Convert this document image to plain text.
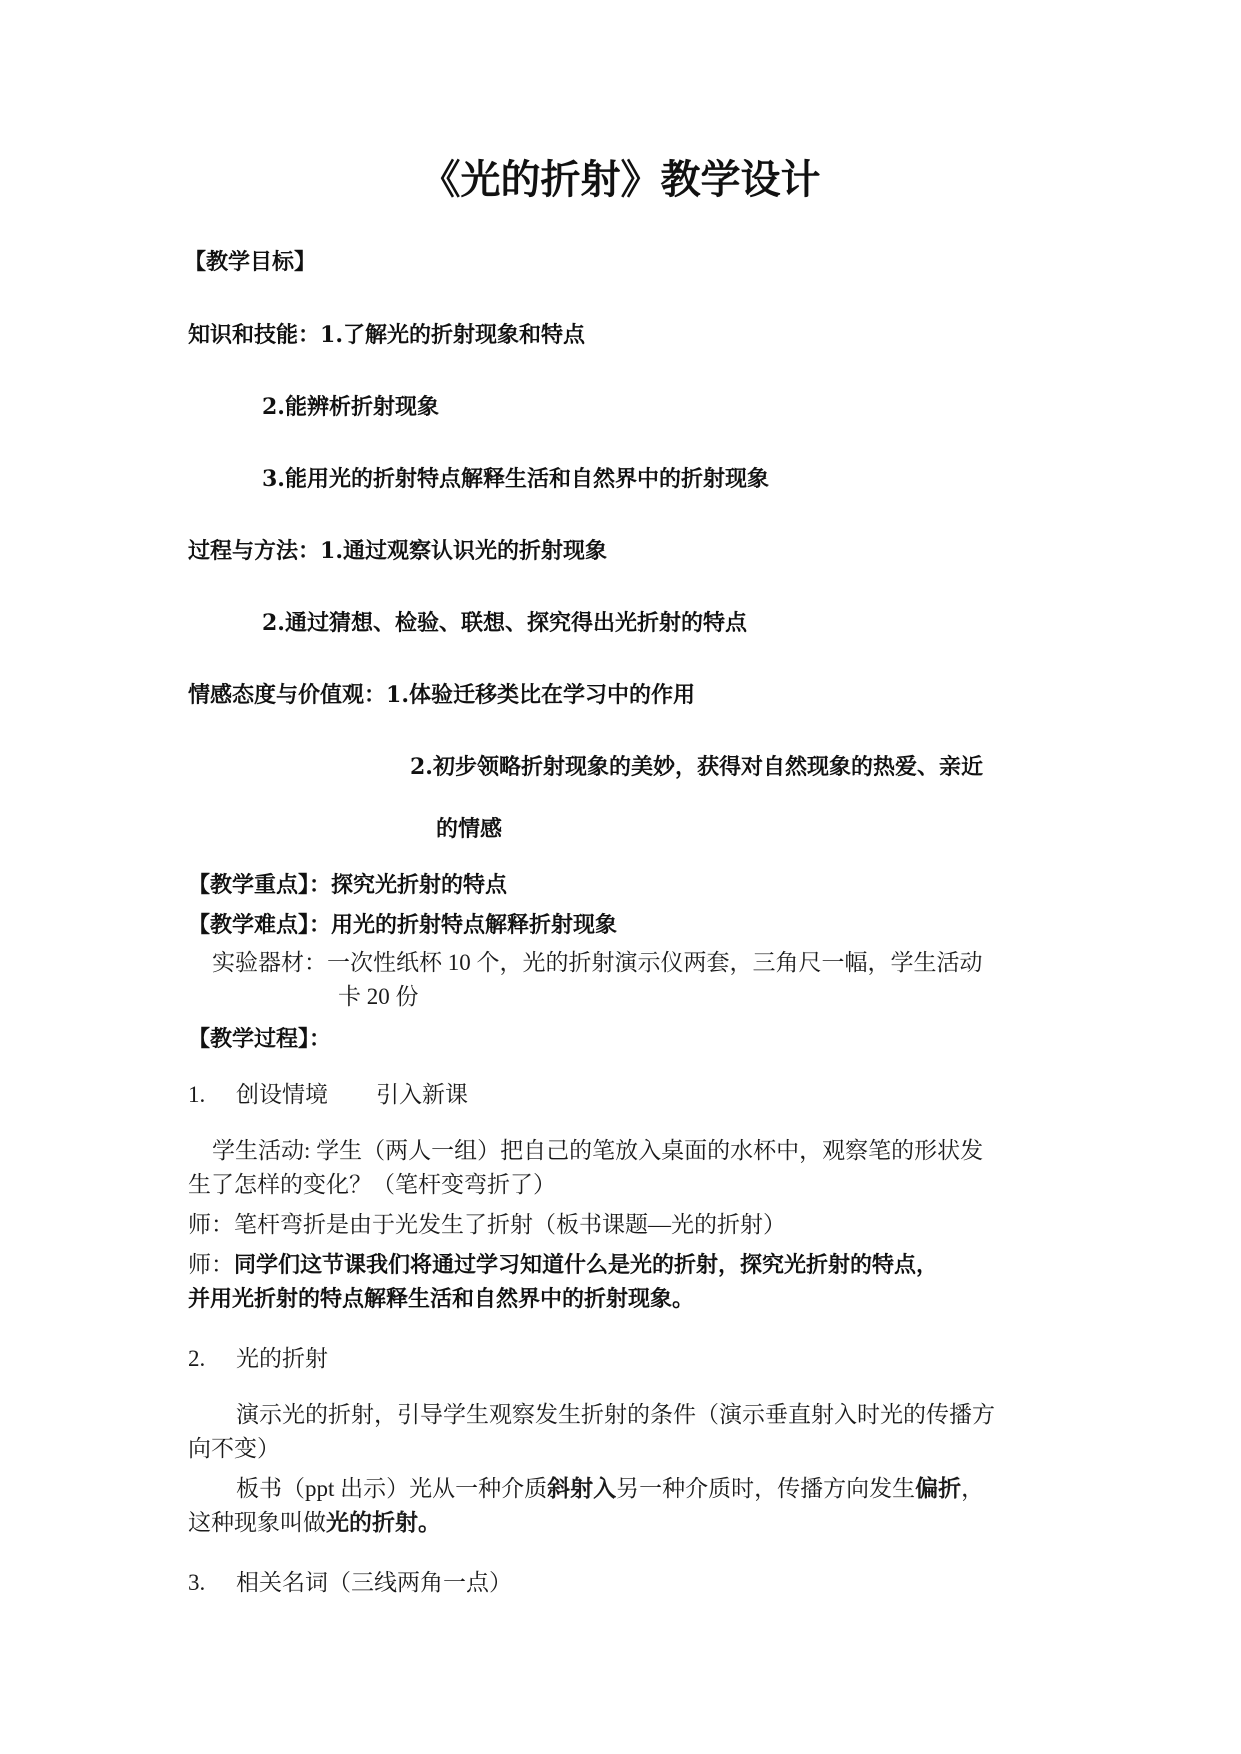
《光的折射》教学设计
【教学目标】
知识和技能：1.了解光的折射现象和特点
2.能辨析折射现象
3.能用光的折射特点解释生活和自然界中的折射现象
过程与方法：1.通过观察认识光的折射现象
2.通过猜想、检验、联想、探究得出光折射的特点
情感态度与价值观：1.体验迁移类比在学习中的作用
2.初步领略折射现象的美妙，获得对自然现象的热爱、亲近
的情感
【教学重点】：探究光折射的特点
【教学难点】：用光的折射特点解释折射现象
实验器材：一次性纸杯 10 个，光的折射演示仪两套，三角尺一幅，学生活动
卡 20 份
【教学过程】：
1. 创设情境 引入新课
学生活动: 学生（两人一组）把自己的笔放入桌面的水杯中，观察笔的形状发
生了怎样的变化？（笔杆变弯折了）
师：笔杆弯折是由于光发生了折射（板书课题—光的折射）
师：同学们这节课我们将通过学习知道什么是光的折射，探究光折射的特点，
并用光折射的特点解释生活和自然界中的折射现象。
2. 光的折射
演示光的折射，引导学生观察发生折射的条件（演示垂直射入时光的传播方
向不变）
板书（ppt 出示）光从一种介质斜射入另一种介质时，传播方向发生偏折，
这种现象叫做光的折射。
3. 相关名词（三线两角一点）
